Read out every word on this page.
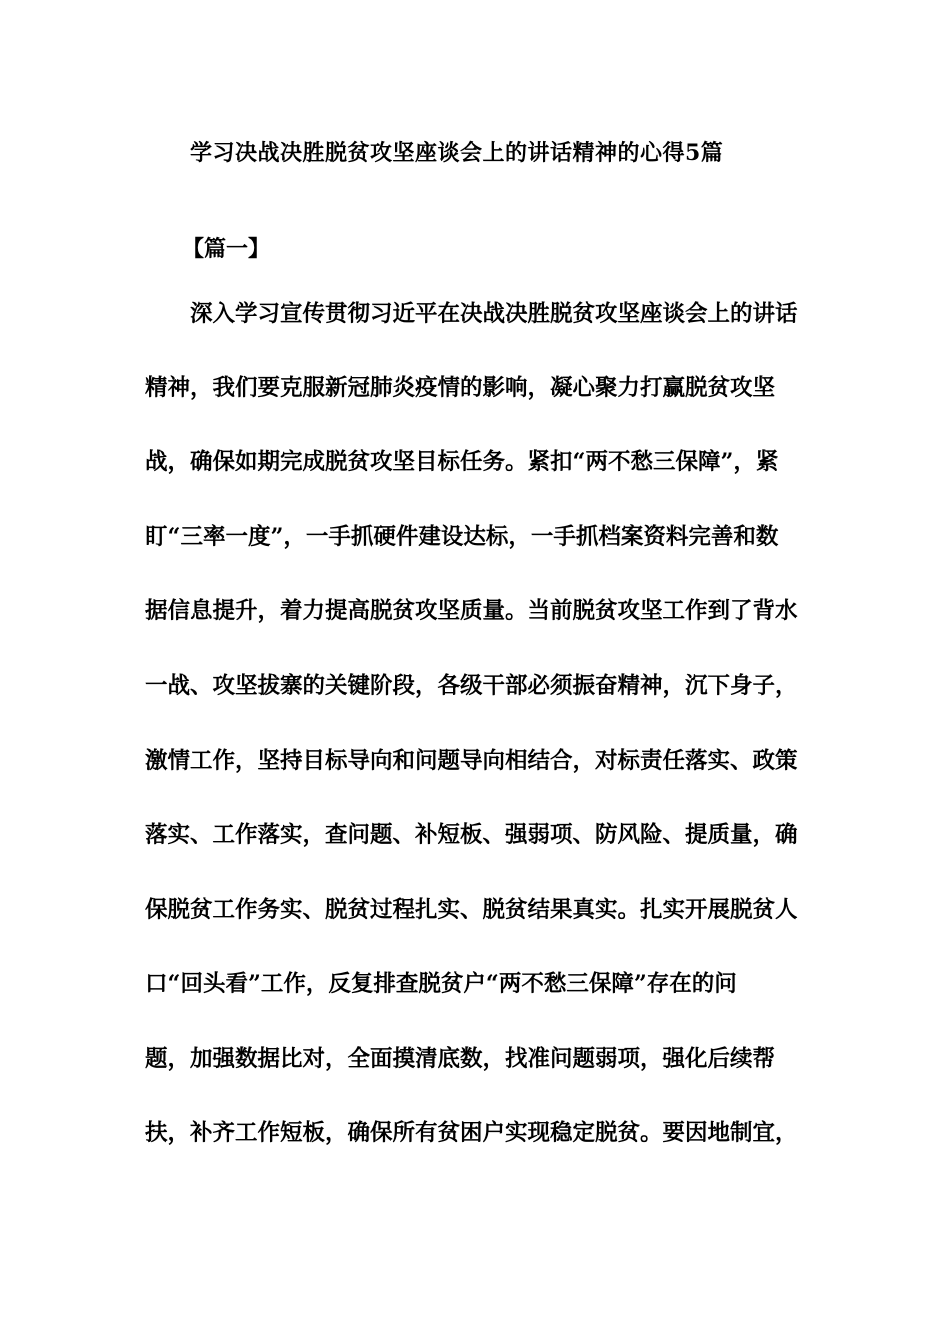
学习决战决胜脱贫攻坚座谈会上的讲话精神的心得5篇
【篇一】
深入学习宣传贯彻习近平在决战决胜脱贫攻坚座谈会上的讲话
精神，我们要克服新冠肺炎疫情的影响，凝心聚力打赢脱贫攻坚
战，确保如期完成脱贫攻坚目标任务。紧扣“两不愁三保障”，紧
盯“三率一度”，一手抓硬件建设达标，一手抓档案资料完善和数
据信息提升，着力提高脱贫攻坚质量。当前脱贫攻坚工作到了背水
一战、攻坚拔寨的关键阶段，各级干部必须振奋精神，沉下身子，
激情工作，坚持目标导向和问题导向相结合，对标责任落实、政策
落实、工作落实，查问题、补短板、强弱项、防风险、提质量，确
保脱贫工作务实、脱贫过程扎实、脱贫结果真实。扎实开展脱贫人
口“回头看”工作，反复排查脱贫户“两不愁三保障”存在的问
题，加强数据比对，全面摸清底数，找准问题弱项，强化后续帮
扶，补齐工作短板，确保所有贫困户实现稳定脱贫。要因地制宜，
